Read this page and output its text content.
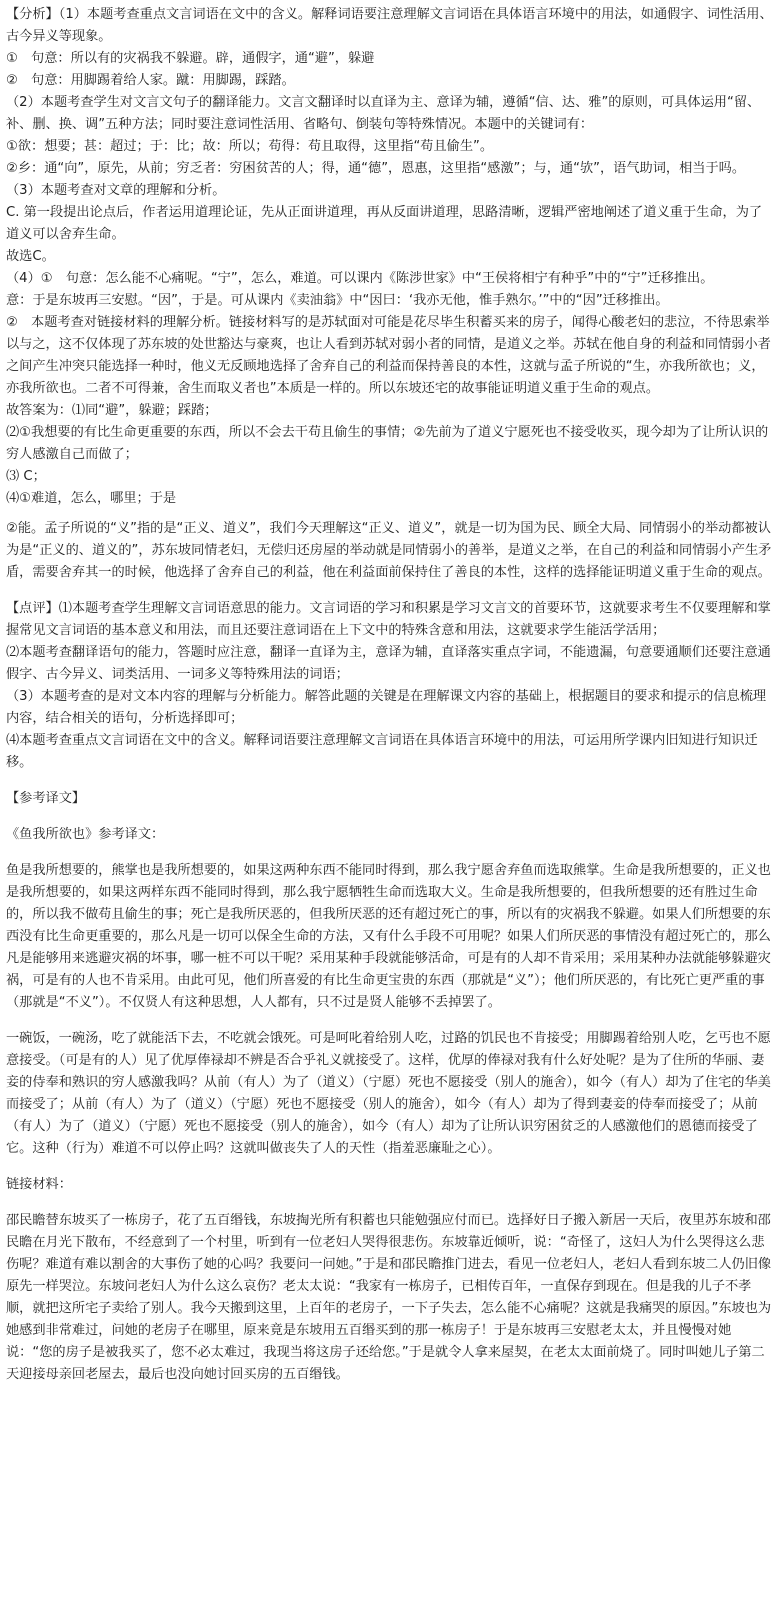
【分析】（1）本题考查重点文言词语在文中的含义。解释词语要注意理解文言词语在具体语言环境中的用法，如通假字、词性活用、古今异义等现象。

①　句意：所以有的灾祸我不躲避。辟，通假字，通“避”，躲避

②　句意：用脚踢着给人家。蹴：用脚踢，踩踏。

（2）本题考查学生对文言文句子的翻译能力。文言文翻译时以直译为主、意译为辅，遵循“信、达、雅”的原则，可具体运用“留、补、删、换、调”五种方法；同时要注意词性活用、省略句、倒装句等特殊情况。本题中的关键词有：

①欲：想要；甚：超过；于：比；故：所以；苟得：苟且取得，这里指“苟且偷生”。

②乡：通“向”，原先，从前；穷乏者：穷困贫苦的人；得，通“德”，恩惠，这里指“感激”；与，通“欤”，语气助词，相当于吗。

（3）本题考查对文章的理解和分析。

C. 第一段提出论点后，作者运用道理论证，先从正面讲道理，再从反面讲道理，思路清晰，逻辑严密地阐述了道义重于生命，为了道义可以舍弃生命。

故选C。

（4）①　句意：怎么能不心痛呢。“宁”，怎么，难道。可以课内《陈涉世家》中“王侯将相宁有种乎”中的“宁”迁移推出。

意：于是东坡再三安慰。“因”，于是。可从课内《卖油翁》中“因曰：‘我亦无他，惟手熟尔。’”中的“因”迁移推出。

②　本题考查对链接材料的理解分析。链接材料写的是苏轼面对可能是花尽毕生积蓄买来的房子，闻得心酸老妇的悲泣，不待思索举以与之，这不仅体现了苏东坡的处世豁达与豪爽，也让人看到苏轼对弱小者的同情，是道义之举。苏轼在他自身的利益和同情弱小者之间产生冲突只能选择一种时，他义无反顾地选择了舍弃自己的利益而保持善良的本性，这就与孟子所说的“生，亦我所欲也；义，亦我所欲也。二者不可得兼，舍生而取义者也”本质是一样的。所以东坡还宅的故事能证明道义重于生命的观点。

故答案为：⑴同“避”，躲避；踩踏；

⑵①我想要的有比生命更重要的东西，所以不会去干苟且偷生的事情；②先前为了道义宁愿死也不接受收买，现今却为了让所认识的穷人感激自己而做了；

⑶ C；

⑷①难道，怎么，哪里；于是

②能。孟子所说的“义”指的是“正义、道义”，我们今天理解这“正义、道义”，就是一切为国为民、顾全大局、同情弱小的举动都被认为是“正义的、道义的”，苏东坡同情老妇，无偿归还房屋的举动就是同情弱小的善举，是道义之举，在自己的利益和同情弱小产生矛盾，需要舍弃其一的时候，他选择了舍弃自己的利益，他在利益面前保持住了善良的本性，这样的选择能证明道义重于生命的观点。

【点评】⑴本题考查学生理解文言词语意思的能力。文言词语的学习和积累是学习文言文的首要环节，这就要求考生不仅要理解和掌握常见文言词语的基本意义和用法，而且还要注意词语在上下文中的特殊含意和用法，这就要求学生能活学活用；

⑵本题考查翻译语句的能力，答题时应注意，翻译一直译为主，意译为辅，直译落实重点字词，不能遗漏，句意要通顺们还要注意通假字、古今异义、词类活用、一词多义等特殊用法的词语；

（3）本题考查的是对文本内容的理解与分析能力。解答此题的关键是在理解课文内容的基础上，根据题目的要求和提示的信息梳理内容，结合相关的语句，分析选择即可；

⑷本题考查重点文言词语在文中的含义。解释词语要注意理解文言词语在具体语言环境中的用法，可运用所学课内旧知进行知识迁移。

【参考译文】

《鱼我所欲也》参考译文：

鱼是我所想要的，熊掌也是我所想要的，如果这两种东西不能同时得到，那么我宁愿舍弃鱼而选取熊掌。生命是我所想要的，正义也是我所想要的，如果这两样东西不能同时得到，那么我宁愿牺牲生命而选取大义。生命是我所想要的，但我所想要的还有胜过生命的，所以我不做苟且偷生的事；死亡是我所厌恶的，但我所厌恶的还有超过死亡的事，所以有的灾祸我不躲避。如果人们所想要的东西没有比生命更重要的，那么凡是一切可以保全生命的方法，又有什么手段不可用呢？如果人们所厌恶的事情没有超过死亡的，那么凡是能够用来逃避灾祸的坏事，哪一桩不可以干呢？采用某种手段就能够活命，可是有的人却不肯采用；采用某种办法就能够躲避灾祸，可是有的人也不肯采用。由此可见，他们所喜爱的有比生命更宝贵的东西（那就是“义”）；他们所厌恶的，有比死亡更严重的事（那就是“不义”）。不仅贤人有这种思想，人人都有，只不过是贤人能够不丢掉罢了。

一碗饭，一碗汤，吃了就能活下去，不吃就会饿死。可是呵叱着给别人吃，过路的饥民也不肯接受；用脚踢着给别人吃，乞丐也不愿意接受。（可是有的人）见了优厚俸禄却不辨是否合乎礼义就接受了。这样，优厚的俸禄对我有什么好处呢？是为了住所的华丽、妻妾的侍奉和熟识的穷人感激我吗？从前（有人）为了（道义）（宁愿）死也不愿接受（别人的施舍），如今（有人）却为了住宅的华美而接受了；从前（有人）为了（道义）（宁愿）死也不愿接受（别人的施舍），如今（有人）却为了得到妻妾的侍奉而接受了；从前（有人）为了（道义）（宁愿）死也不愿接受（别人的施舍），如今（有人）却为了让所认识穷困贫乏的人感激他们的恩德而接受了它。这种（行为）难道不可以停止吗？这就叫做丧失了人的天性（指羞恶廉耻之心）。

链接材料：

邵民瞻替东坡买了一栋房子，花了五百缗钱，东坡掏光所有积蓄也只能勉强应付而已。选择好日子搬入新居一天后，夜里苏东坡和邵民瞻在月光下散布，不经意到了一个村里，听到有一位老妇人哭得很悲伤。东坡靠近倾听，说：“奇怪了，这妇人为什么哭得这么悲伤呢？难道有难以割舍的大事伤了她的心吗？我要问一问她。”于是和邵民瞻推门进去，看见一位老妇人，老妇人看到东坡二人仍旧像原先一样哭泣。东坡问老妇人为什么这么哀伤？老太太说：“我家有一栋房子，已相传百年，一直保存到现在。但是我的儿子不孝顺，就把这所宅子卖给了别人。我今天搬到这里，上百年的老房子，一下子失去，怎么能不心痛呢？这就是我痛哭的原因。”东坡也为她感到非常难过，问她的老房子在哪里，原来竟是东坡用五百缗买到的那一栋房子！于是东坡再三安慰老太太，并且慢慢对她说：“您的房子是被我买了，您不必太难过，我现当将这房子还给您。”于是就令人拿来屋契，在老太太面前烧了。同时叫她儿子第二天迎接母亲回老屋去，最后也没向她讨回买房的五百缗钱。
